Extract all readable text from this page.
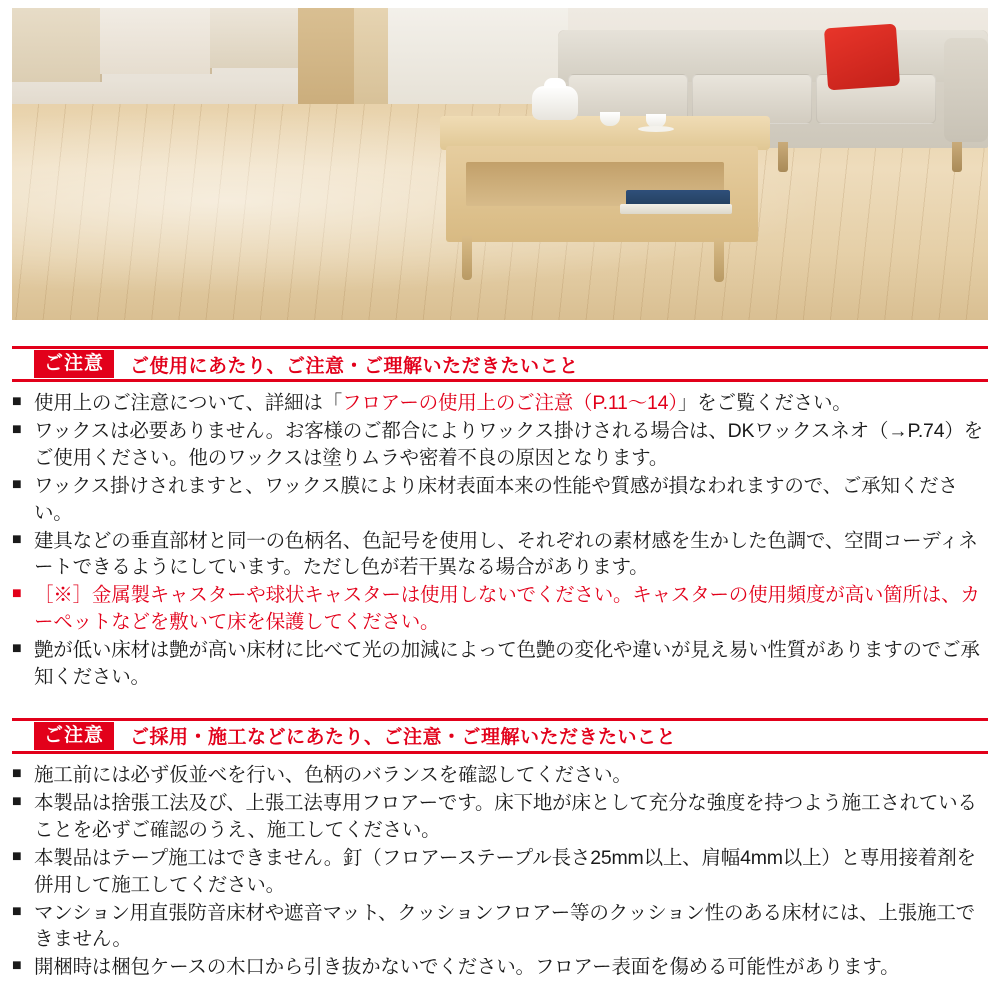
ご注意	ご使用にあたり、ご注意・ご理解いただきたいこと
■ 使用上のご注意について、詳細は「フロアーの使用上のご注意（P.11〜14）」をご覧ください。
■ ワックスは必要ありません。お客様のご都合によりワックス掛けされる場合は、DKワックスネオ（→P.74）をご使用ください。他のワックスは塗りムラや密着不良の原因となります。
■ ワックス掛けされますと、ワックス膜により床材表面本来の性能や質感が損なわれますので、ご承知ください。
■ 建具などの垂直部材と同一の色柄名、色記号を使用し、それぞれの素材感を生かした色調で、空間コーディネートできるようにしています。ただし色が若干異なる場合があります。
■ ［※］金属製キャスターや球状キャスターは使用しないでください。キャスターの使用頻度が高い箇所は、カーペットなどを敷いて床を保護してください。
■ 艶が低い床材は艶が高い床材に比べて光の加減によって色艶の変化や違いが見え易い性質がありますのでご承知ください。
ご注意	ご採用・施工などにあたり、ご注意・ご理解いただきたいこと
■ 施工前には必ず仮並べを行い、色柄のバランスを確認してください。
■ 本製品は捨張工法及び、上張工法専用フロアーです。床下地が床として充分な強度を持つよう施工されていることを必ずご確認のうえ、施工してください。
■ 本製品はテープ施工はできません。釘（フロアーステープル長さ25mm以上、肩幅4mm以上）と専用接着剤を併用して施工してください。
■ マンション用直張防音床材や遮音マット、クッションフロアー等のクッション性のある床材には、上張施工できません。
■ 開梱時は梱包ケースの木口から引き抜かないでください。フロアー表面を傷める可能性があります。
